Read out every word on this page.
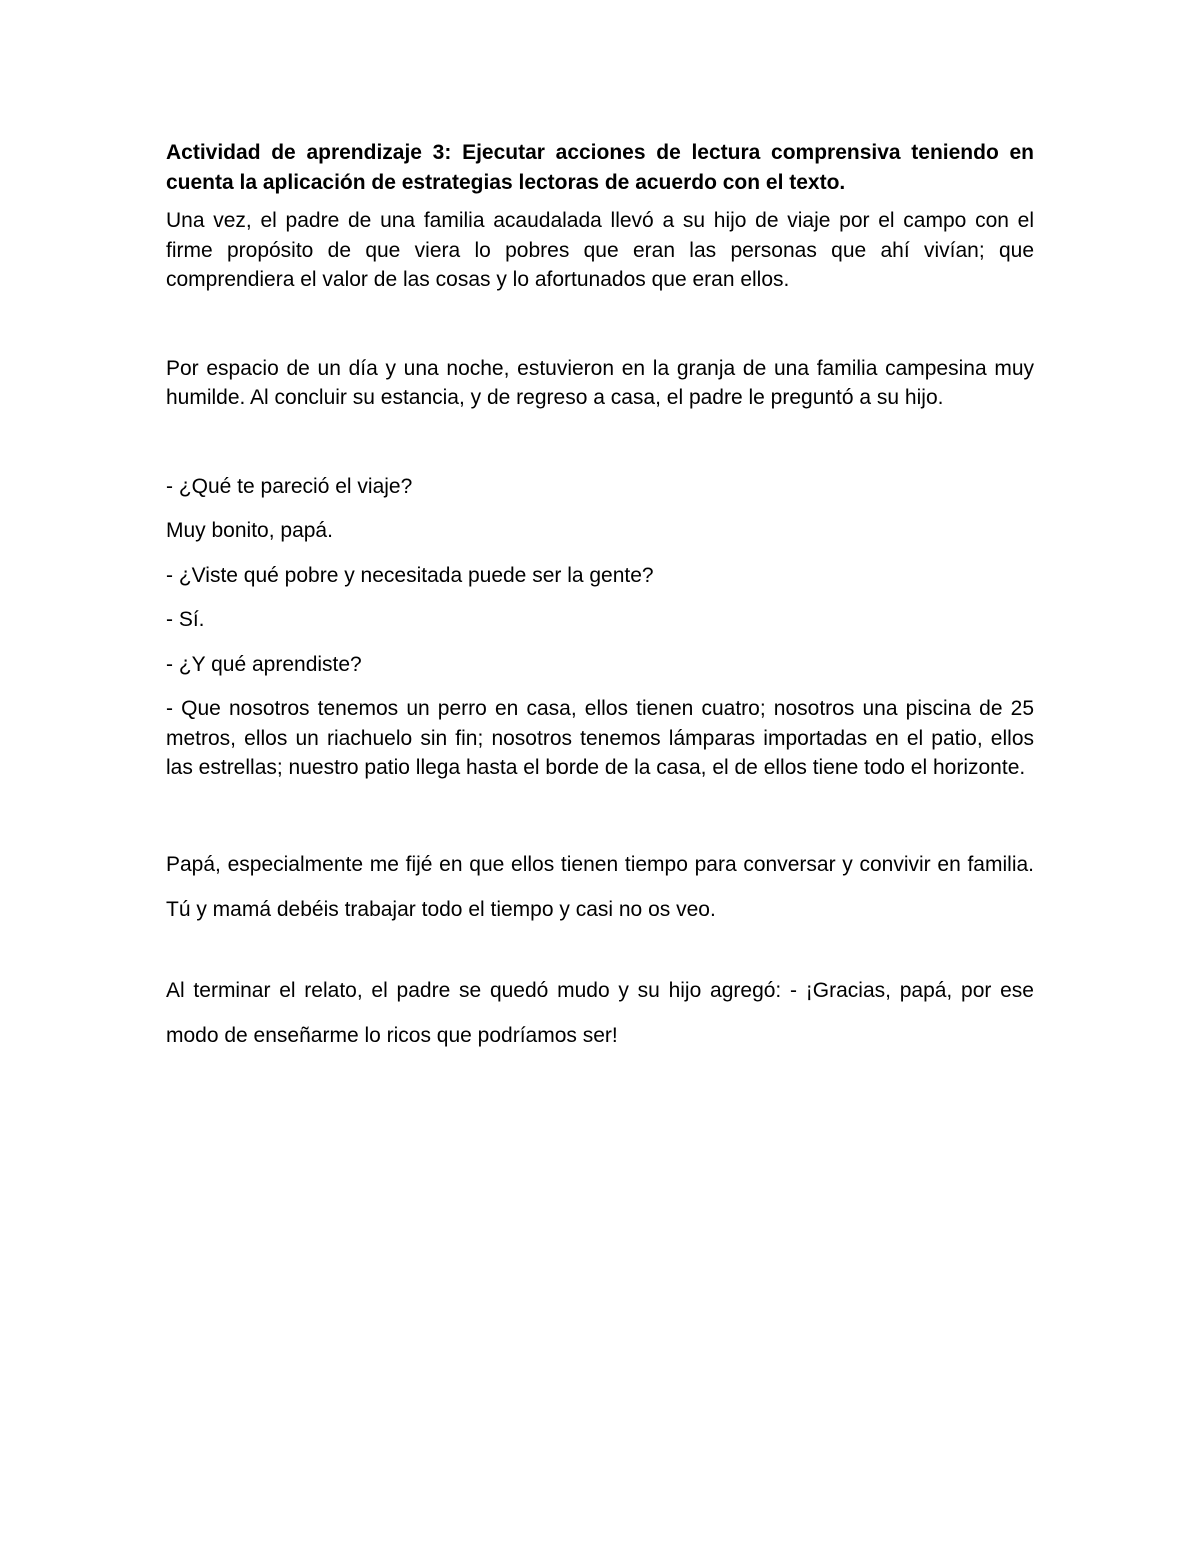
Actividad de aprendizaje 3: Ejecutar acciones de lectura comprensiva teniendo en cuenta la aplicación de estrategias lectoras de acuerdo con el texto.

Una vez, el padre de una familia acaudalada llevó a su hijo de viaje por el campo con el firme propósito de que viera lo pobres que eran las personas que ahí vivían; que comprendiera el valor de las cosas y lo afortunados que eran ellos.

Por espacio de un día y una noche, estuvieron en la granja de una familia campesina muy humilde. Al concluir su estancia, y de regreso a casa, el padre le preguntó a su hijo.

- ¿Qué te pareció el viaje?

Muy bonito, papá.

- ¿Viste qué pobre y necesitada puede ser la gente?

- Sí.

- ¿Y qué aprendiste?

- Que nosotros tenemos un perro en casa, ellos tienen cuatro; nosotros una piscina de 25 metros, ellos un riachuelo sin fin; nosotros tenemos lámparas importadas en el patio, ellos las estrellas; nuestro patio llega hasta el borde de la casa, el de ellos tiene todo el horizonte.

Papá, especialmente me fijé en que ellos tienen tiempo para conversar y convivir en familia. Tú y mamá debéis trabajar todo el tiempo y casi no os veo.

Al terminar el relato, el padre se quedó mudo y su hijo agregó: - ¡Gracias, papá, por ese modo de enseñarme lo ricos que podríamos ser!
